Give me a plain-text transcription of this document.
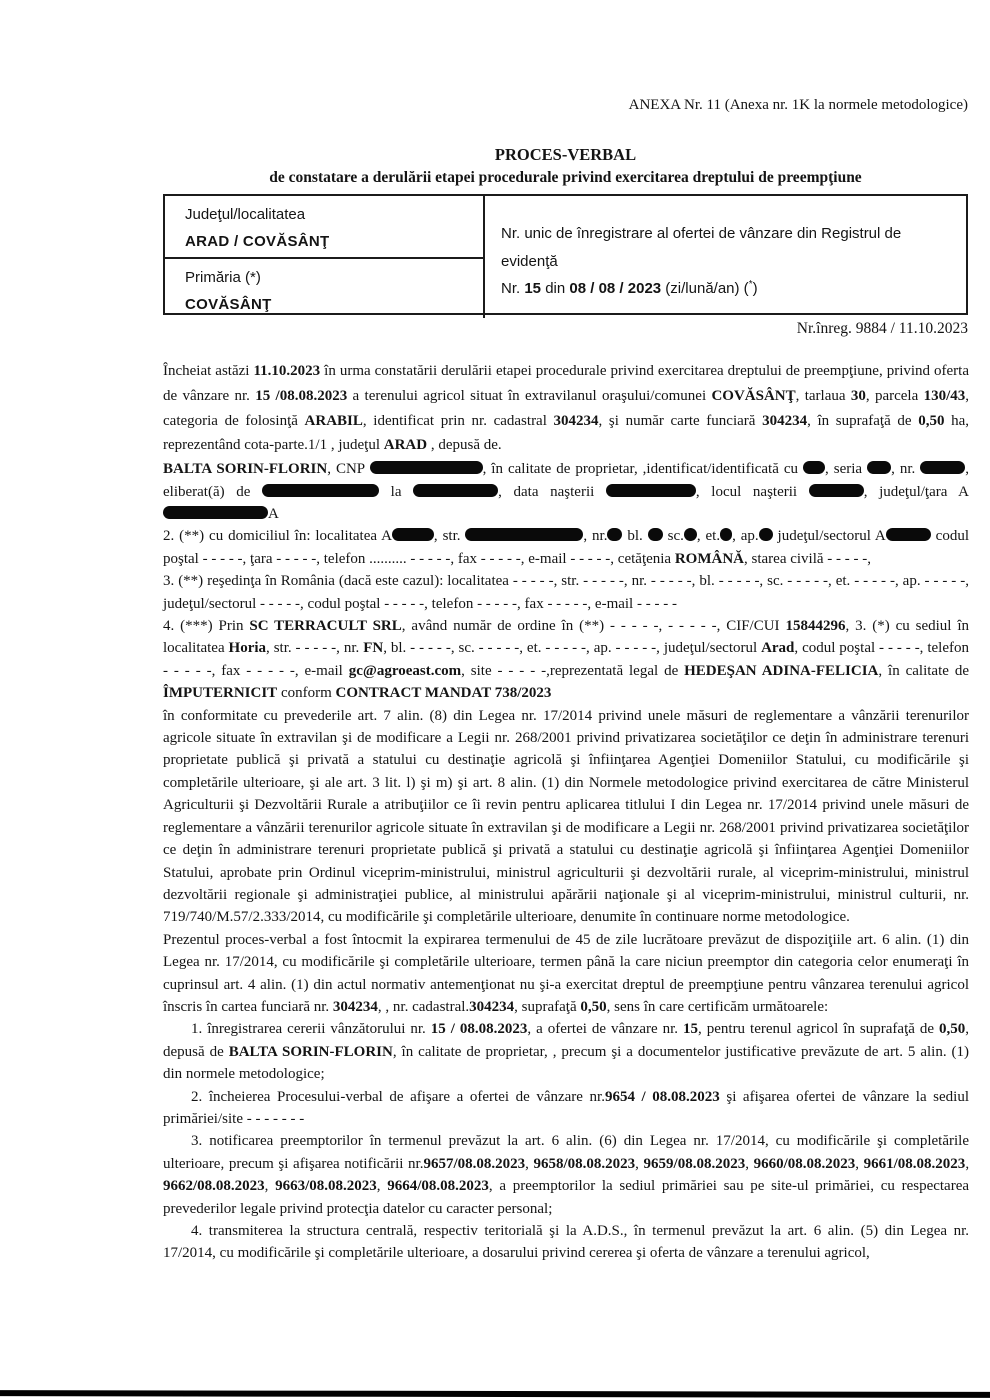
ANEXA Nr. 11 (Anexa nr. 1K la normele metodologice)
PROCES-VERBAL
de constatare a derulării etapei procedurale privind exercitarea dreptului de preempţiune
Judeţul/localitatea
ARAD / COVĂSÂNŢ
Primăria (*)
COVĂSÂNŢ
Nr. unic de înregistrare al ofertei de vânzare din Registrul de evidenţă
Nr. 15 din 08 / 08 / 2023 (zi/lună/an) (*)
Nr.înreg. 9884 / 11.10.2023

Încheiat astăzi 11.10.2023 în urma constatării derulării etapei procedurale privind exercitarea dreptului de preempţiune, privind oferta de vânzare nr. 15 /08.08.2023 a terenului agricol situat în extravilanul oraşului/comunei COVĂSÂNŢ, tarlaua 30, parcela 130/43, categoria de folosinţă ARABIL, identificat prin nr. cadastral 304234, şi număr carte funciară 304234, în suprafaţă de 0,50 ha, reprezentând cota-parte.1/1 , judeţul ARAD , depusă de.

BALTA SORIN-FLORIN, CNP	, în calitate de proprietar, ,identificat/identificată cu , seria , nr.	, eliberat(ă) de	la	, data naşterii	, locul naşterii	, judeţul/ţara AA

2. (**) cu domiciliul în: localitatea A	, str.	, nr. bl.  sc. , et. , ap. judeţul/sectorul A	codul poştal - - - - -, ţara - - - - -, telefon .......... - - - - -, fax - - - - -, e-mail - - - - -, cetăţenia ROMÂNĂ, starea civilă - - - - -,

3. (**) reşedinţa în România (dacă este cazul): localitatea - - - - -, str. - - - - -, nr. - - - - -, bl. - - - - -, sc. - - - - -, et. - - - - -, ap. - - - - -, judeţul/sectorul - - - - -, codul poştal - - - - -, telefon - - - - -, fax - - - - -, e-mail - - - - -

4. (***) Prin SC TERRACULT SRL, având număr de ordine în (**) - - - - -, - - - - -, CIF/CUI 15844296, 3. (*) cu sediul în localitatea Horia, str. - - - - -, nr. FN, bl. - - - - -, sc. - - - - -, et. - - - - -, ap. - - - - -, judeţul/sectorul Arad, codul poştal - - - - -, telefon - - - - -, fax - - - - -, e-mail gc@agroeast.com, site - - - - -,reprezentată legal de HEDEŞAN ADINA-FELICIA, în calitate de ÎMPUTERNICIT conform CONTRACT MANDAT 738/2023

în conformitate cu prevederile art. 7 alin. (8) din Legea nr. 17/2014 privind unele măsuri de reglementare a vânzării terenurilor agricole situate în extravilan şi de modificare a Legii nr. 268/2001 privind privatizarea societăţilor ce deţin în administrare terenuri proprietate publică şi privată a statului cu destinaţie agricolă şi înfiinţarea Agenţiei Domeniilor Statului, cu modificările şi completările ulterioare, şi ale art. 3 lit. l) şi m) şi art. 8 alin. (1) din Normele metodologice privind exercitarea de către Ministerul Agriculturii şi Dezvoltării Rurale a atribuţiilor ce îi revin pentru aplicarea titlului I din Legea nr. 17/2014 privind unele măsuri de reglementare a vânzării terenurilor agricole situate în extravilan şi de modificare a Legii nr. 268/2001 privind privatizarea societăţilor ce deţin în administrare terenuri proprietate publică şi privată a statului cu destinaţie agricolă şi înfiinţarea Agenţiei Domeniilor Statului, aprobate prin Ordinul viceprim-ministrului, ministrul agriculturii şi dezvoltării rurale, al viceprim-ministrului, ministrul dezvoltării regionale şi administraţiei publice, al ministrului apărării naţionale şi al viceprim-ministrului, ministrul culturii, nr. 719/740/M.57/2.333/2014, cu modificările şi completările ulterioare, denumite în continuare norme metodologice.

Prezentul proces-verbal a fost întocmit la expirarea termenului de 45 de zile lucrătoare prevăzut de dispoziţiile art. 6 alin. (1) din Legea nr. 17/2014, cu modificările şi completările ulterioare, termen până la care niciun preemptor din categoria celor enumeraţi în cuprinsul art. 4 alin. (1) din actul normativ antemenţionat nu şi-a exercitat dreptul de preempţiune pentru vânzarea terenului agricol înscris în cartea funciară nr. 304234, , nr. cadastral.304234, suprafaţă 0,50, sens în care certificăm următoarele:

1. înregistrarea cererii vânzătorului nr. 15 / 08.08.2023, a ofertei de vânzare nr. 15, pentru terenul agricol în suprafaţă de 0,50, depusă de BALTA SORIN-FLORIN, în calitate de proprietar, , precum şi a documentelor justificative prevăzute de art. 5 alin. (1) din normele metodologice;

2. încheierea Procesului-verbal de afişare a ofertei de vânzare nr.9654 / 08.08.2023 şi afişarea ofertei de vânzare la sediul primăriei/site - - - - - - -

3. notificarea preemptorilor în termenul prevăzut la art. 6 alin. (6) din Legea nr. 17/2014, cu modificările şi completările ulterioare, precum şi afişarea notificării nr.9657/08.08.2023, 9658/08.08.2023, 9659/08.08.2023, 9660/08.08.2023, 9661/08.08.2023, 9662/08.08.2023, 9663/08.08.2023, 9664/08.08.2023, a preemptorilor la sediul primăriei sau pe site-ul primăriei, cu respectarea prevederilor legale privind protecţia datelor cu caracter personal;

4. transmiterea la structura centrală, respectiv teritorială şi la A.D.S., în termenul prevăzut la art. 6 alin. (5) din Legea nr. 17/2014, cu modificările şi completările ulterioare, a dosarului privind cererea şi oferta de vânzare a terenului agricol,
